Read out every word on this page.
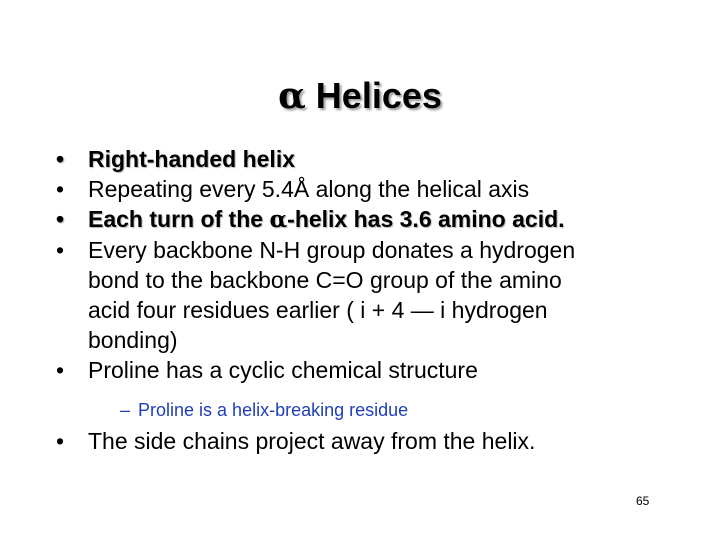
α Helices
•	Right-handed helix
•	Repeating every 5.4Å along the helical axis
•	Each turn of the α-helix has 3.6 amino acid.
•	Every backbone N-H group donates a hydrogen
bond to the backbone C=O group of the amino
acid four residues earlier ( i + 4 — i hydrogen
bonding)
•	Proline has a cyclic chemical structure
– Proline is a helix-breaking residue
•	The side chains project away from the helix.
65
